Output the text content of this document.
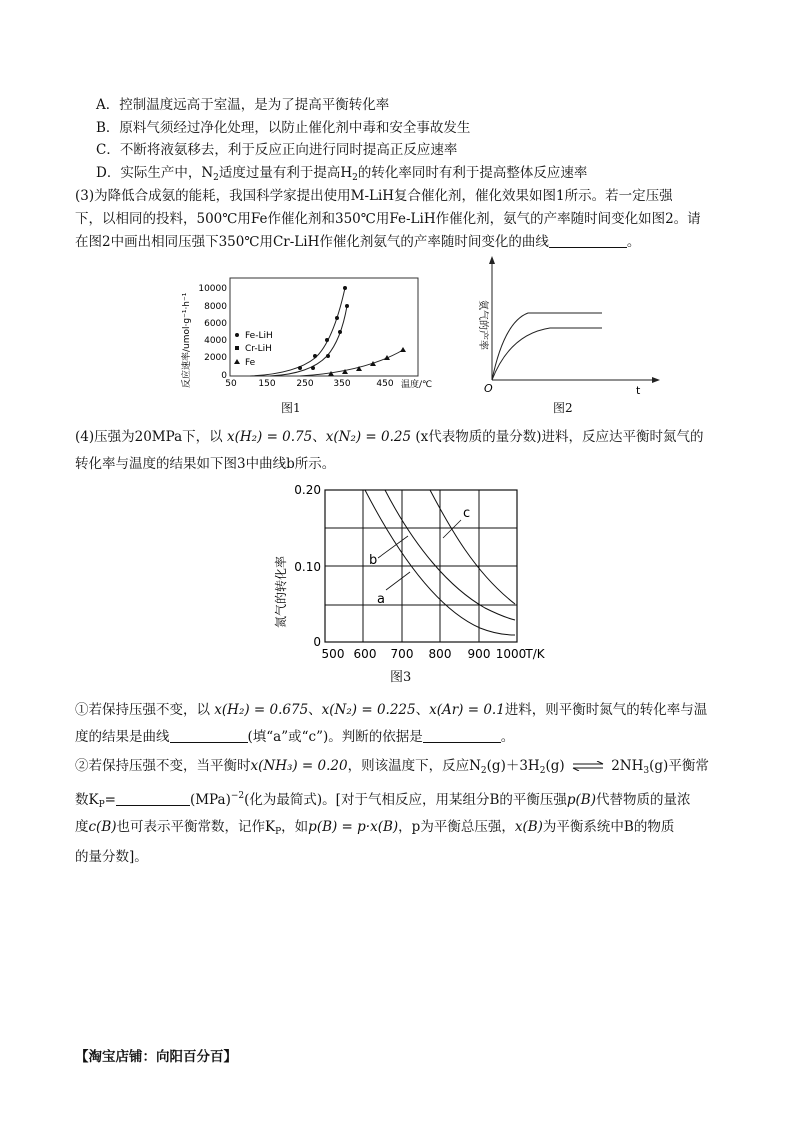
A．控制温度远高于室温，是为了提高平衡转化率
B．原料气须经过净化处理，以防止催化剂中毒和安全事故发生
C．不断将液氨移去，利于反应正向进行同时提高正反应速率
D．实际生产中，$N_2$适度过量有利于提高$H_2$的转化率同时有利于提高整体反应速率
(3)为降低合成氨的能耗，我国科学家提出使用M-LiH复合催化剂，催化效果如图1所示。若一定压强
下，以相同的投料，500℃用Fe作催化剂和350℃用Fe-LiH作催化剂，氨气的产率随时间变化如图2。请
在图2中画出相同压强下350℃用Cr-LiH作催化剂氨气的产率随时间变化的曲线	。
反应速率/umol·g⁻¹·h⁻¹
10000
8000
6000
4000
2000
0
50 150 250 350	450 温度/℃
Fe-LiH
Cr-LiH
Fe
图1
氨气的产率
O	t
图2
(4)压强为20MPa下，以 x(H₂) = 0.75、x(N₂) = 0.25 (x代表物质的量分数)进料，反应达平衡时氮气的
转化率与温度的结果如下图3中曲线b所示。
氮气的转化率
0.20
0.10
0
500 600 700 800 900 1000 T/K
c
b
a
图3
①若保持压强不变，以 x(H₂) = 0.675、x(N₂) = 0.225、x(Ar) = 0.1进料，则平衡时氮气的转化率与温
度的结果是曲线	(填“a”或“c”)。判断的依据是	。
②若保持压强不变，当平衡时x(NH₃) = 0.20，则该温度下，反应$N_2(g)+3H_2(g)$ ⇌ $2NH_3(g)$平衡常
数$K_P=$	(MPa)$^{-2}$(化为最简式)。[对于气相反应，用某组分B的平衡压强p(B)代替物质的量浓
度c(B)也可表示平衡常数，记作$K_P$，如p(B) = p·x(B)，p为平衡总压强，x(B)为平衡系统中B的物质
的量分数]。
【淘宝店铺：向阳百分百】
